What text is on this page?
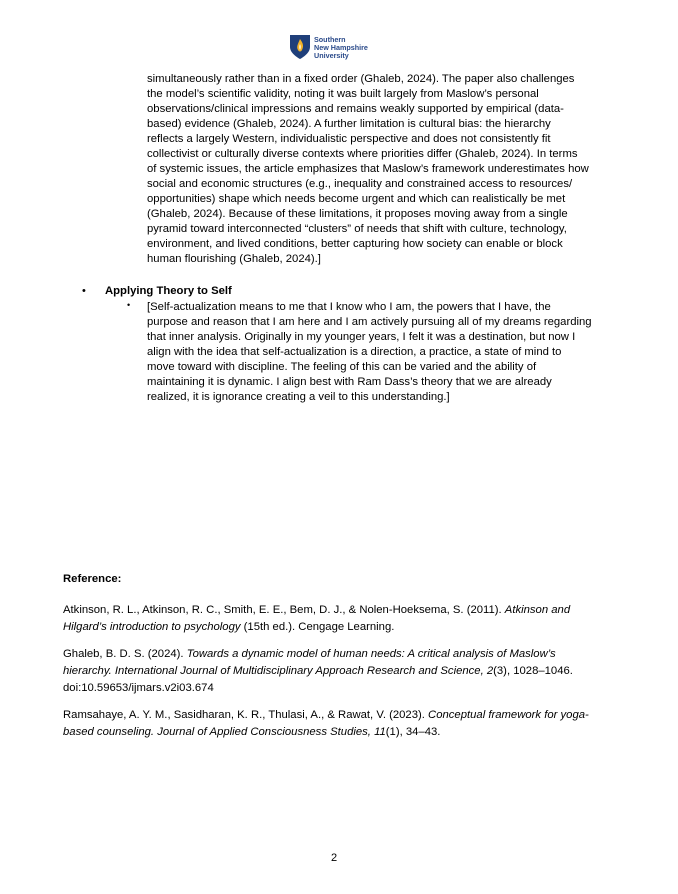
Southern
New Hampshire
University
simultaneously rather than in a fixed order (Ghaleb, 2024). The paper also challenges
the model’s scientific validity, noting it was built largely from Maslow’s personal
observations/clinical impressions and remains weakly supported by empirical (data-
based) evidence (Ghaleb, 2024). A further limitation is cultural bias: the hierarchy
reflects a largely Western, individualistic perspective and does not consistently fit
collectivist or culturally diverse contexts where priorities differ (Ghaleb, 2024). In terms
of systemic issues, the article emphasizes that Maslow’s framework underestimates how
social and economic structures (e.g., inequality and constrained access to resources/
opportunities) shape which needs become urgent and which can realistically be met
(Ghaleb, 2024). Because of these limitations, it proposes moving away from a single
pyramid toward interconnected “clusters” of needs that shift with culture, technology,
environment, and lived conditions, better capturing how society can enable or block
human flourishing (Ghaleb, 2024).]
• Applying Theory to Self
• [Self-actualization means to me that I know who I am, the powers that I have, the
purpose and reason that I am here and I am actively pursuing all of my dreams regarding
that inner analysis. Originally in my younger years, I felt it was a destination, but now I
align with the idea that self-actualization is a direction, a practice, a state of mind to
move toward with discipline. The feeling of this can be varied and the ability of
maintaining it is dynamic. I align best with Ram Dass’s theory that we are already
realized, it is ignorance creating a veil to this understanding.]
Reference:
Atkinson, R. L., Atkinson, R. C., Smith, E. E., Bem, D. J., & Nolen-Hoeksema, S. (2011). Atkinson and
Hilgard’s introduction to psychology (15th ed.). Cengage Learning.
Ghaleb, B. D. S. (2024). Towards a dynamic model of human needs: A critical analysis of Maslow’s
hierarchy. International Journal of Multidisciplinary Approach Research and Science, 2(3), 1028–1046.
doi:10.59653/ijmars.v2i03.674
Ramsahaye, A. Y. M., Sasidharan, K. R., Thulasi, A., & Rawat, V. (2023). Conceptual framework for yoga-
based counseling. Journal of Applied Consciousness Studies, 11(1), 34–43.
2
